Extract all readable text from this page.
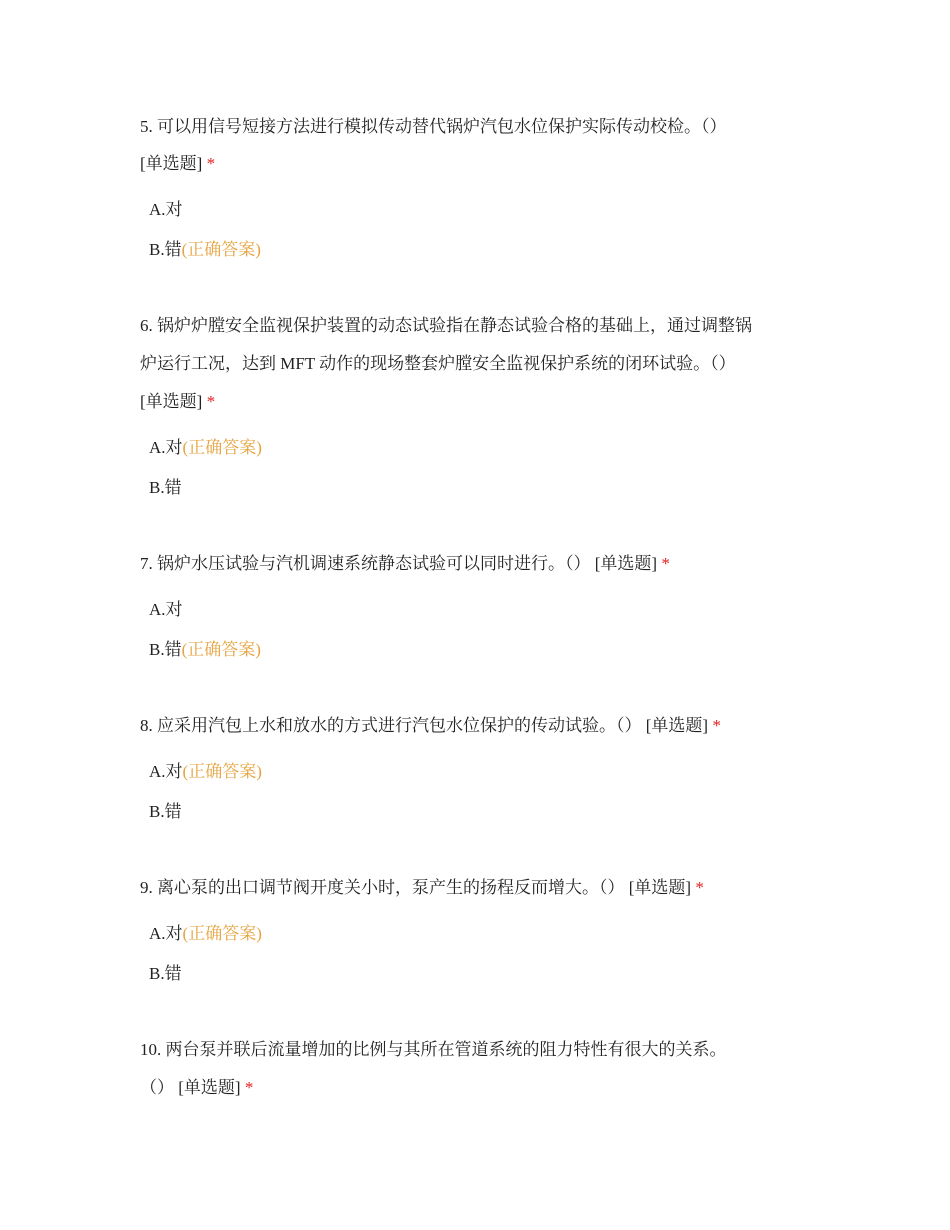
5. 可以用信号短接方法进行模拟传动替代锅炉汽包水位保护实际传动校检。（）
[单选题] *
A.对
B.错(正确答案)
6. 锅炉炉膛安全监视保护装置的动态试验指在静态试验合格的基础上，通过调整锅
炉运行工况，达到 MFT 动作的现场整套炉膛安全监视保护系统的闭环试验。（）
[单选题] *
A.对(正确答案)
B.错
7. 锅炉水压试验与汽机调速系统静态试验可以同时进行。（） [单选题] *
A.对
B.错(正确答案)
8. 应采用汽包上水和放水的方式进行汽包水位保护的传动试验。（） [单选题] *
A.对(正确答案)
B.错
9. 离心泵的出口调节阀开度关小时，泵产生的扬程反而增大。（） [单选题] *
A.对(正确答案)
B.错
10. 两台泵并联后流量增加的比例与其所在管道系统的阻力特性有很大的关系。
（） [单选题] *
